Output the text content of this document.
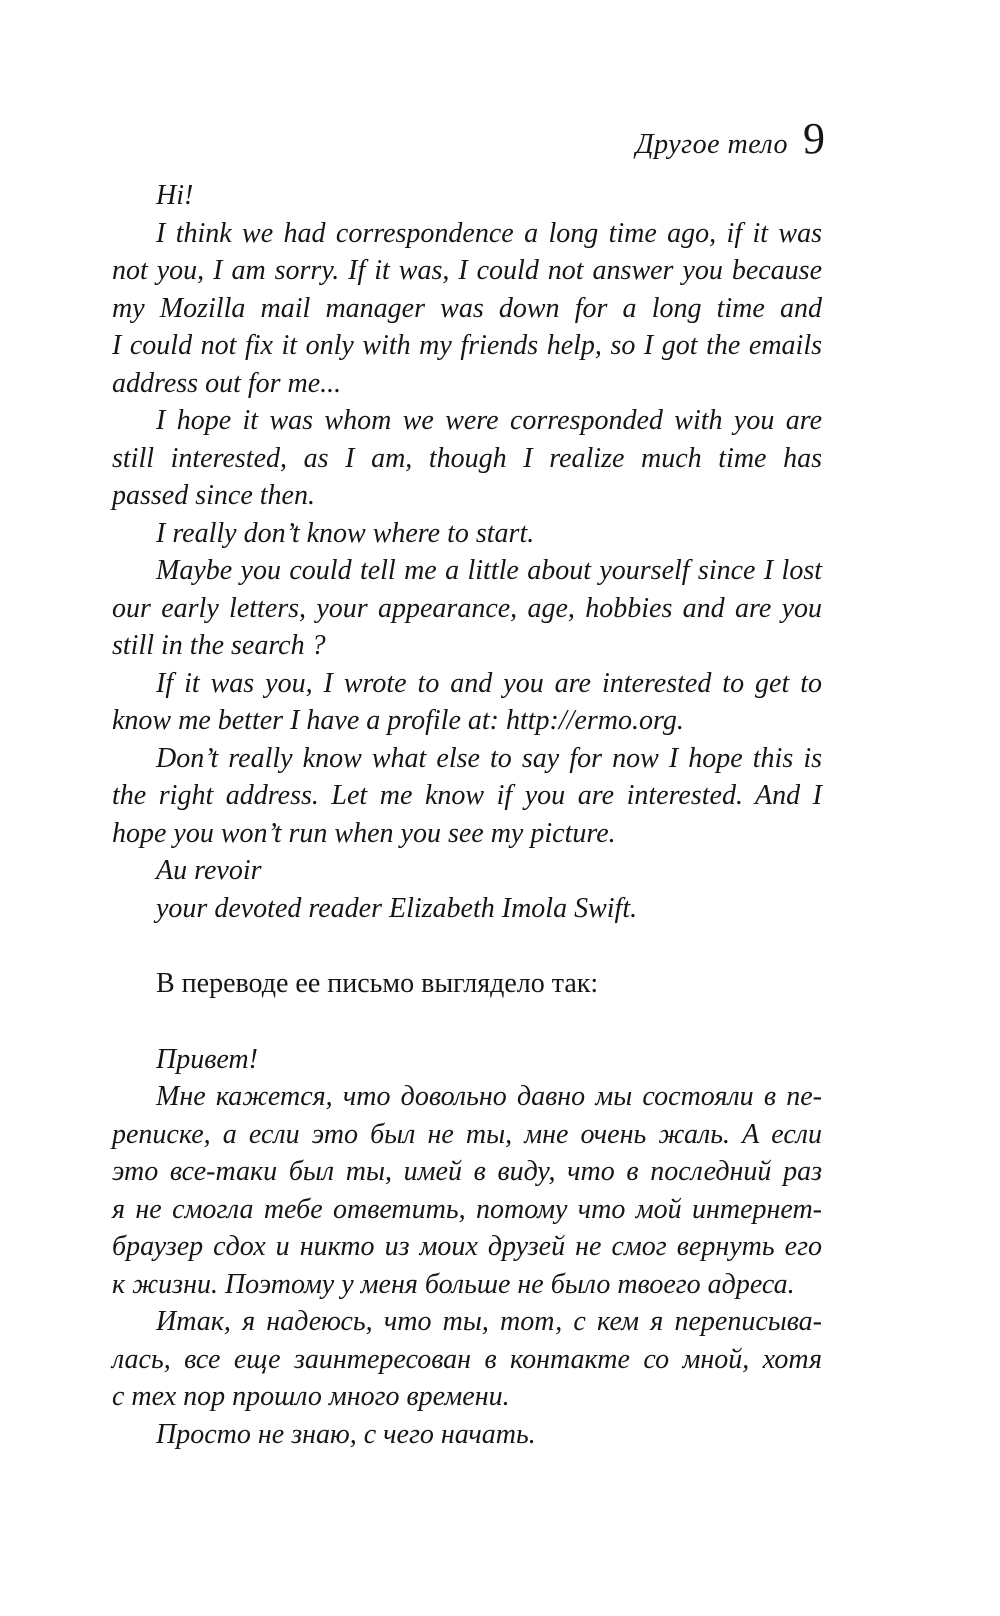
Другое тело 9
Hi!
I think we had correspondence a long time ago, if it was
not you, I am sorry. If it was, I could not answer you because
my Mozilla mail manager was down for a long time and
I could not fix it only with my friends help, so I got the emails
address out for me...
I hope it was whom we were corresponded with you are
still interested, as I am, though I realize much time has
passed since then.
I really don’t know where to start.
Maybe you could tell me a little about yourself since I lost
our early letters, your appearance, age, hobbies and are you
still in the search ?
If it was you, I wrote to and you are interested to get to
know me better I have a profile at: http://ermo.org.
Don’t really know what else to say for now I hope this is
the right address. Let me know if you are interested. And I
hope you won’t run when you see my picture.
Au revoir
your devoted reader Elizabeth Imola Swift.

В переводе ее письмо выглядело так:

Привет!
Мне кажется, что довольно давно мы состояли в пе-
реписке, а если это был не ты, мне очень жаль. А если
это все-таки был ты, имей в виду, что в последний раз
я не смогла тебе ответить, потому что мой интернет-
браузер сдох и никто из моих друзей не смог вернуть его
к жизни. Поэтому у меня больше не было твоего адреса.
Итак, я надеюсь, что ты, тот, с кем я переписыва-
лась, все еще заинтересован в контакте со мной, хотя
с тех пор прошло много времени.
Просто не знаю, с чего начать.
